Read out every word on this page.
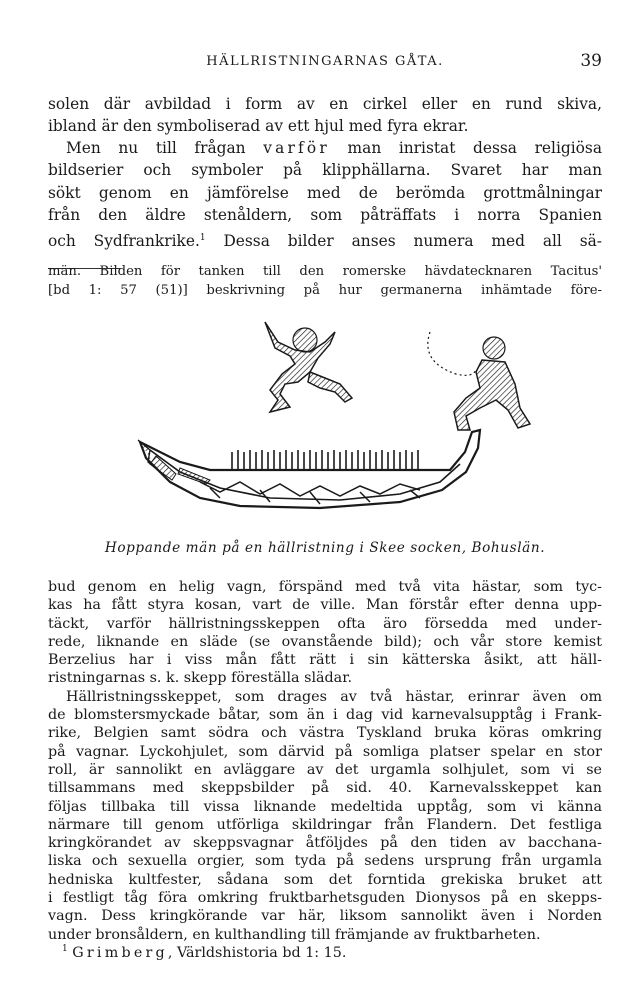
HÄLLRISTNINGARNAS GÅTA.	39
solen där avbildad i form av en cirkel eller en rund skiva,
ibland är den symboliserad av ett hjul med fyra ekrar.
Men nu till frågan varför man inristat dessa religiösa
bildserier och symboler på klipphällarna. Svaret har man
sökt genom en jämförelse med de berömda grottmålningar
från den äldre stenåldern, som påträffats i norra Spanien
och Sydfrankrike.$^1$ Dessa bilder anses numera med all sä-
män. Bilden för tanken till den romerske hävdatecknaren Tacitus'
[bd 1: 57 (51)] beskrivning på hur germanerna inhämtade före-
Hoppande män på en hällristning i Skee socken, Bohuslän.
bud genom en helig vagn, förspänd med två vita hästar, som tyc-
kas ha fått styra kosan, vart de ville. Man förstår efter denna upp-
täckt, varför hällristningsskeppen ofta äro försedda med under-
rede, liknande en släde (se ovanstående bild); och vår store kemist
Berzelius har i viss mån fått rätt i sin kätterska åsikt, att häll-
ristningarnas s. k. skepp föreställa slädar.
Hällristningsskeppet, som drages av två hästar, erinrar även om
de blomstersmyckade båtar, som än i dag vid karnevalsupptåg i Frank-
rike, Belgien samt södra och västra Tyskland bruka köras omkring
på vagnar. Lyckohjulet, som därvid på somliga platser spelar en stor
roll, är sannolikt en avläggare av det urgamla solhjulet, som vi se
tillsammans med skeppsbilder på sid. 40. Karnevalsskeppet kan
följas tillbaka till vissa liknande medeltida upptåg, som vi känna
närmare till genom utförliga skildringar från Flandern. Det festliga
kringkörandet av skeppsvagnar åtföljdes på den tiden av bacchana-
liska och sexuella orgier, som tyda på sedens ursprung från urgamla
hedniska kultfester, sådana som det forntida grekiska bruket att
i festligt tåg föra omkring fruktbarhetsguden Dionysos på en skepps-
vagn. Dess kringkörande var här, liksom sannolikt även i Norden
under bronsåldern, en kulthandling till främjande av fruktbarheten.
$^1$ Grimberg, Världshistoria bd 1: 15.
